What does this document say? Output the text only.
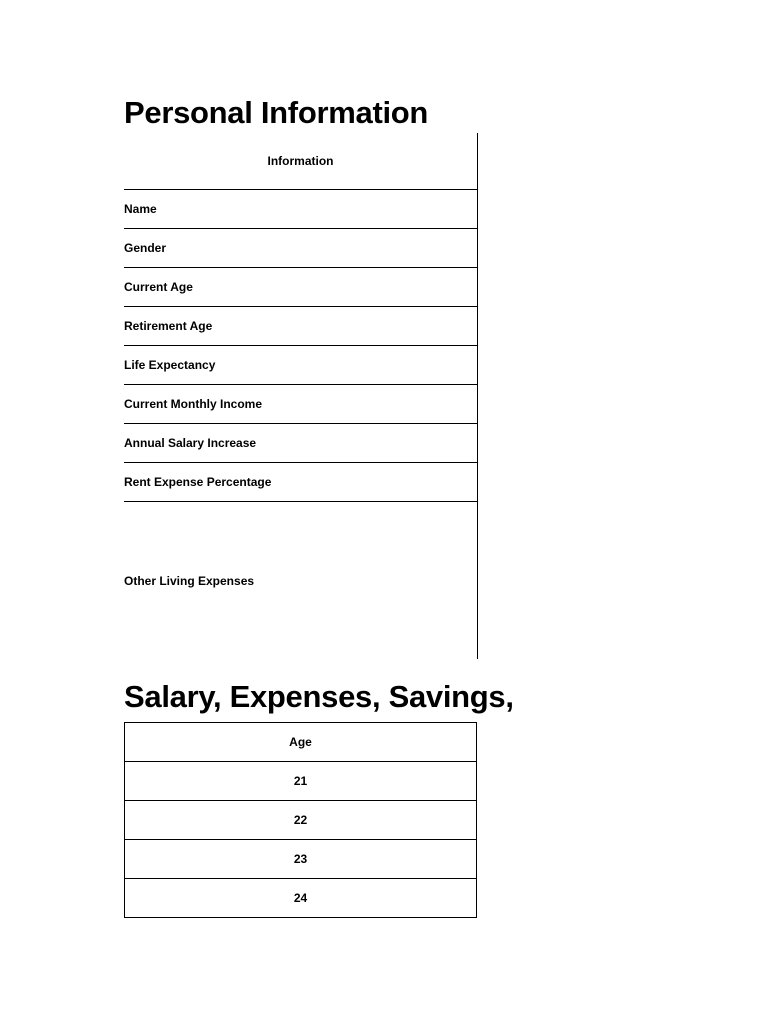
Personal Information
Information
Name
Gender
Current Age
Retirement Age
Life Expectancy
Current Monthly Income
Annual Salary Increase
Rent Expense Percentage
Other Living Expenses
Salary, Expenses, Savings,
Age
21
22
23
24
